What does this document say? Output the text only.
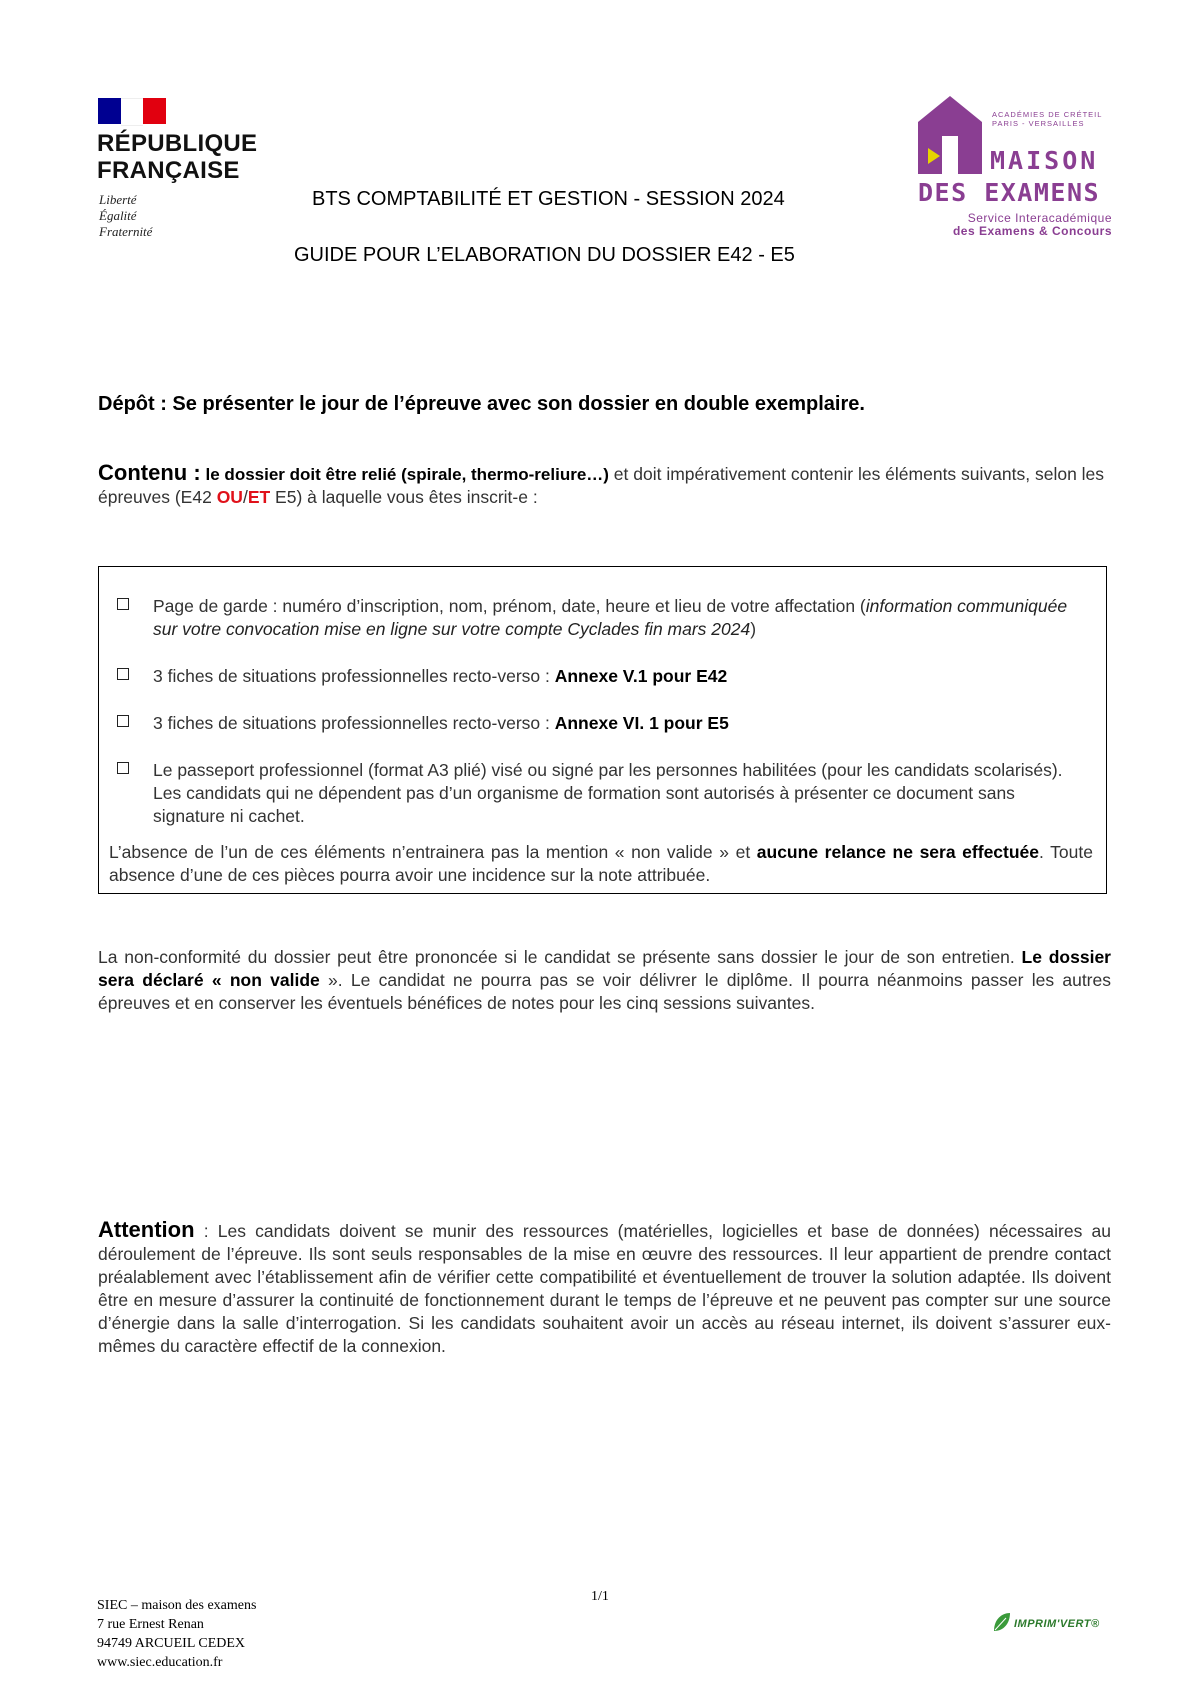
RÉPUBLIQUE
FRANÇAISE
Liberté
Égalité
Fraternité
ACADÉMIES DE CRÉTEIL
PARIS - VERSAILLES
MAISON
DES EXAMENS
Service Interacadémique
des Examens & Concours
BTS COMPTABILITÉ ET GESTION - SESSION 2024
GUIDE POUR L’ELABORATION DU DOSSIER E42 - E5
Dépôt : Se présenter le jour de l’épreuve avec son dossier en double exemplaire.
Contenu : le dossier doit être relié (spirale, thermo-reliure…) et doit impérativement contenir les éléments suivants, selon les épreuves (E42 OU/ET E5) à laquelle vous êtes inscrit-e :
Page de garde : numéro d’inscription, nom, prénom, date, heure et lieu de votre affectation (information communiquée sur votre convocation mise en ligne sur votre compte Cyclades fin mars 2024)
3 fiches de situations professionnelles recto-verso : Annexe V.1 pour E42
3 fiches de situations professionnelles recto-verso : Annexe VI. 1 pour E5
Le passeport professionnel (format A3 plié) visé ou signé par les personnes habilitées (pour les candidats scolarisés). Les candidats qui ne dépendent pas d’un organisme de formation sont autorisés à présenter ce document sans signature ni cachet.
L’absence de l’un de ces éléments n’entrainera pas la mention « non valide » et aucune relance ne sera effectuée. Toute absence d’une de ces pièces pourra avoir une incidence sur la note attribuée.
La non-conformité du dossier peut être prononcée si le candidat se présente sans dossier le jour de son entretien. Le dossier sera déclaré « non valide ». Le candidat ne pourra pas se voir délivrer le diplôme. Il pourra néanmoins passer les autres épreuves et en conserver les éventuels bénéfices de notes pour les cinq sessions suivantes.
Attention : Les candidats doivent se munir des ressources (matérielles, logicielles et base de données) nécessaires au déroulement de l’épreuve. Ils sont seuls responsables de la mise en œuvre des ressources. Il leur appartient de prendre contact préalablement avec l’établissement afin de vérifier cette compatibilité et éventuellement de trouver la solution adaptée. Ils doivent être en mesure d’assurer la continuité de fonctionnement durant le temps de l’épreuve et ne peuvent pas compter sur une source d’énergie dans la salle d’interrogation. Si les candidats souhaitent avoir un accès au réseau internet, ils doivent s’assurer eux-mêmes du caractère effectif de la connexion.
1/1
SIEC – maison des examens
7 rue Ernest Renan
94749 ARCUEIL CEDEX
www.siec.education.fr
IMPRIM'VERT®
